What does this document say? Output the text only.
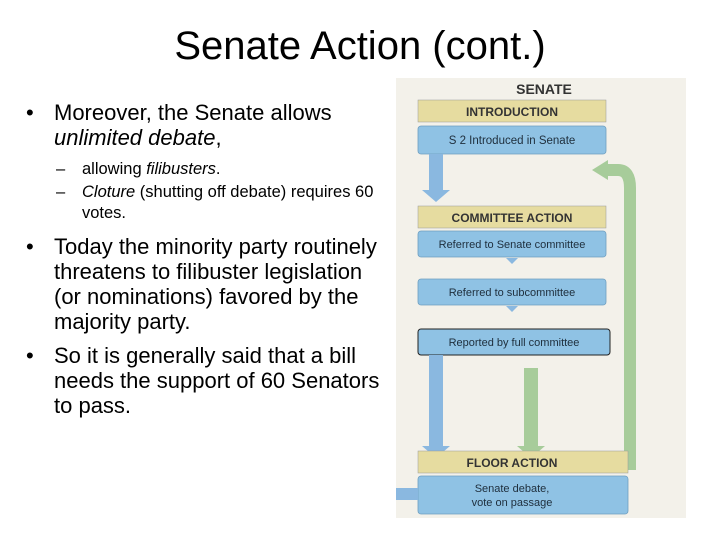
Senate Action (cont.)
• Moreover, the Senate allows unlimited debate,
– allowing filibusters.
– Cloture (shutting off debate) requires 60 votes.
• Today the minority party routinely threatens to filibuster legislation (or nominations) favored by the majority party.
• So it is generally said that a bill needs the support of 60 Senators to pass.
SENATE
INTRODUCTION
S 2 Introduced in Senate
COMMITTEE ACTION
Referred to Senate committee
Referred to subcommittee
Reported by full committee
FLOOR ACTION
Senate debate,
vote on passage
